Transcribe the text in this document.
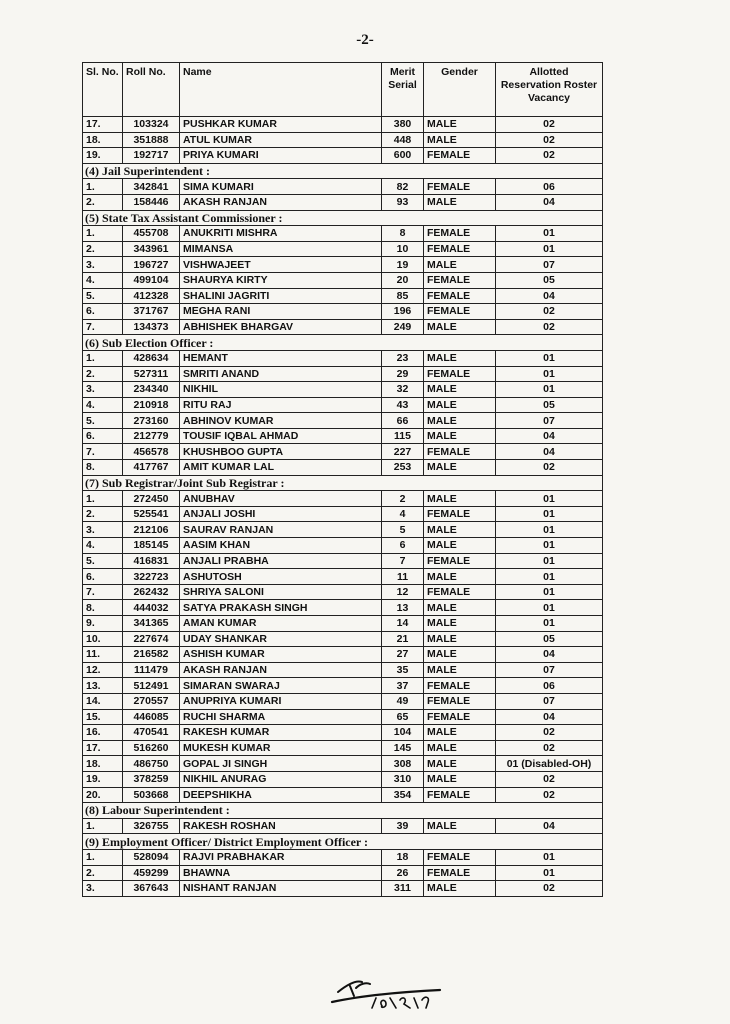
-2-
Sl. No.	Roll No.	Name	Merit Serial	Gender	Allotted Reservation Roster Vacancy
17.	103324	PUSHKAR KUMAR	380	MALE	02
18.	351888	ATUL KUMAR	448	MALE	02
19.	192717	PRIYA KUMARI	600	FEMALE	02
(4) Jail Superintendent :					
1.	342841	SIMA KUMARI	82	FEMALE	06
2.	158446	AKASH RANJAN	93	MALE	04
(5) State Tax Assistant Commissioner :					
1.	455708	ANUKRITI MISHRA	8	FEMALE	01
2.	343961	MIMANSA	10	FEMALE	01
3.	196727	VISHWAJEET	19	MALE	07
4.	499104	SHAURYA KIRTY	20	FEMALE	05
5.	412328	SHALINI JAGRITI	85	FEMALE	04
6.	371767	MEGHA RANI	196	FEMALE	02
7.	134373	ABHISHEK BHARGAV	249	MALE	02
(6) Sub Election Officer :					
1.	428634	HEMANT	23	MALE	01
2.	527311	SMRITI ANAND	29	FEMALE	01
3.	234340	NIKHIL	32	MALE	01
4.	210918	RITU RAJ	43	MALE	05
5.	273160	ABHINOV KUMAR	66	MALE	07
6.	212779	TOUSIF IQBAL AHMAD	115	MALE	04
7.	456578	KHUSHBOO GUPTA	227	FEMALE	04
8.	417767	AMIT KUMAR LAL	253	MALE	02
(7) Sub Registrar/Joint Sub Registrar :					
1.	272450	ANUBHAV	2	MALE	01
2.	525541	ANJALI JOSHI	4	FEMALE	01
3.	212106	SAURAV RANJAN	5	MALE	01
4.	185145	AASIM KHAN	6	MALE	01
5.	416831	ANJALI PRABHA	7	FEMALE	01
6.	322723	ASHUTOSH	11	MALE	01
7.	262432	SHRIYA SALONI	12	FEMALE	01
8.	444032	SATYA PRAKASH SINGH	13	MALE	01
9.	341365	AMAN KUMAR	14	MALE	01
10.	227674	UDAY SHANKAR	21	MALE	05
11.	216582	ASHISH KUMAR	27	MALE	04
12.	111479	AKASH RANJAN	35	MALE	07
13.	512491	SIMARAN SWARAJ	37	FEMALE	06
14.	270557	ANUPRIYA KUMARI	49	FEMALE	07
15.	446085	RUCHI SHARMA	65	FEMALE	04
16.	470541	RAKESH KUMAR	104	MALE	02
17.	516260	MUKESH KUMAR	145	MALE	02
18.	486750	GOPAL JI SINGH	308	MALE	01 (Disabled-OH)
19.	378259	NIKHIL ANURAG	310	MALE	02
20.	503668	DEEPSHIKHA	354	FEMALE	02
(8) Labour Superintendent :					
1.	326755	RAKESH ROSHAN	39	MALE	04
(9) Employment Officer/ District Employment Officer :					
1.	528094	RAJVI PRABHAKAR	18	FEMALE	01
2.	459299	BHAWNA	26	FEMALE	01
3.	367643	NISHANT RANJAN	311	MALE	02
